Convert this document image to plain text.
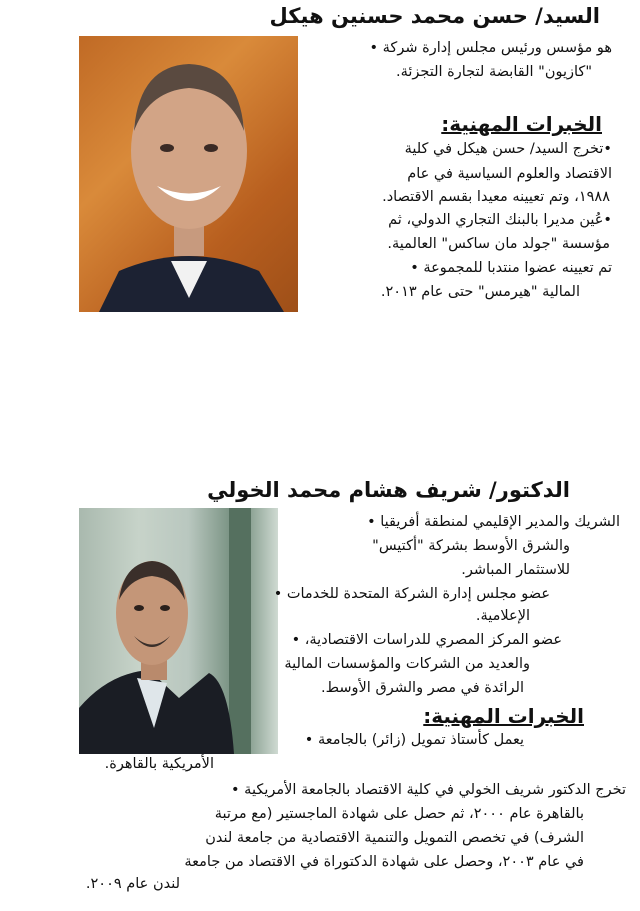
السيد/ حسن محمد حسنين هيكل
هو مؤسس ورئيس مجلس إدارة شركة •
"كازيون" القابضة لتجارة التجزئة.
الخبرات المهنية:
•تخرج السيد/ حسن هيكل في كلية
الاقتصاد والعلوم السياسية في عام
١٩٨٨، وتم تعيينه معيدا بقسم الاقتصاد.
•عُين مديرا بالبنك التجاري الدولي، ثم
مؤسسة "جولد مان ساكس" العالمية.
تم تعيينه عضوا منتدبا للمجموعة •
المالية "هيرمس" حتى عام ٢٠١٣.
الدكتور/ شريف هشام محمد الخولي
الشريك والمدير الإقليمي لمنطقة أفريقيا •
والشرق الأوسط بشركة "أكتيس"
للاستثمار المباشر.
عضو مجلس إدارة الشركة المتحدة للخدمات •
الإعلامية.
عضو المركز المصري للدراسات الاقتصادية، •
والعديد من الشركات والمؤسسات المالية
الرائدة في مصر والشرق الأوسط.
الخبرات المهنية:
يعمل كأستاذ تمويل (زائر) بالجامعة •
الأمريكية بالقاهرة.
تخرج الدكتور شريف الخولي في كلية الاقتصاد بالجامعة الأمريكية •
بالقاهرة عام ٢٠٠٠، ثم حصل على شهادة الماجستير (مع مرتبة
الشرف) في تخصص التمويل والتنمية الاقتصادية من جامعة لندن
في عام ٢٠٠٣، وحصل على شهادة الدكتوراة في الاقتصاد من جامعة
لندن عام ٢٠٠٩.
